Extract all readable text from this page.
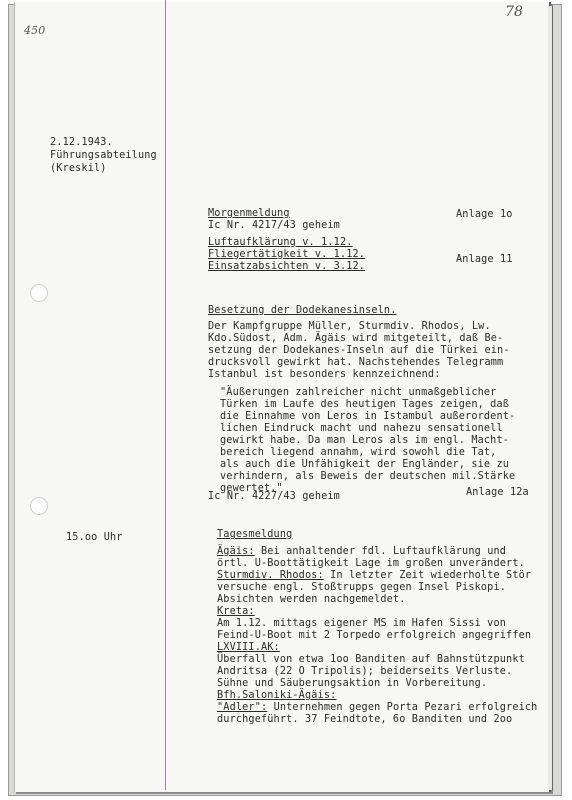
450
78
2.12.1943.
Führungsabteilung
(Kreskil)
15.oo Uhr
Morgenmeldung
Ic Nr. 4217/43 geheim
Anlage 1o
Luftaufklärung v. 1.12.
Fliegertätigkeit v. 1.12.
Einsatzabsichten v. 3.12.
Anlage 11
Besetzung der Dodekanesinseln.
Der Kampfgruppe Müller, Sturmdiv. Rhodos, Lw.
Kdo.Südost, Adm. Ägäis wird mitgeteilt, daß Be-
setzung der Dodekanes-Inseln auf die Türkei ein-
drucksvoll gewirkt hat. Nachstehendes Telegramm
Istanbul ist besonders kennzeichnend:
"Äußerungen zahlreicher nicht unmaßgeblicher
Türken im Laufe des heutigen Tages zeigen, daß
die Einnahme von Leros in Istambul außerordent-
lichen Eindruck macht und nahezu sensationell
gewirkt habe. Da man Leros als im engl. Macht-
bereich liegend annahm, wird sowohl die Tat,
als auch die Unfähigkeit der Engländer, sie zu
verhindern, als Beweis der deutschen mil.Stärke
gewertet."
Ic Nr. 4227/43 geheim	Anlage 12a
Tagesmeldung
Ägäis: Bei anhaltender fdl. Luftaufklärung und
örtl. U-Boottätigkeit Lage im großen unverändert.
Sturmdiv. Rhodos: In letzter Zeit wiederholte Stör
versuche engl. Stoßtrupps gegen Insel Piskopi.
Absichten werden nachgemeldet.
Kreta:
Am 1.12. mittags eigener MS im Hafen Sissi von
Feind-U-Boot mit 2 Torpedo erfolgreich angegriffen
LXVIII.AK:
Überfall von etwa 1oo Banditen auf Bahnstützpunkt
Andritsa (22 O Tripolis); beiderseits Verluste.
Sühne und Säuberungsaktion in Vorbereitung.
Bfh.Saloniki-Ägäis:
"Adler": Unternehmen gegen Porta Pezari erfolgreich
durchgeführt. 37 Feindtote, 6o Banditen und 2oo
